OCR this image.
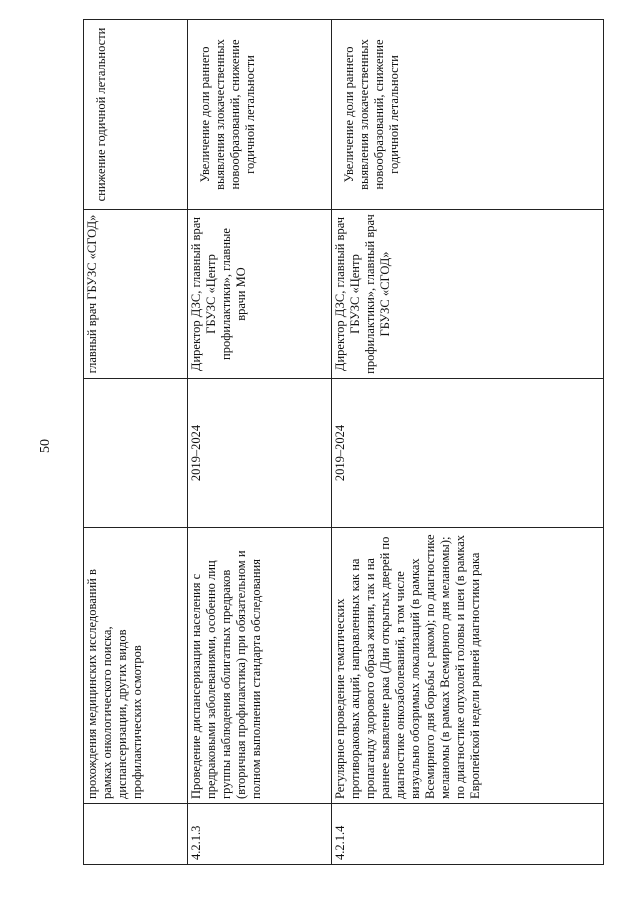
50
	прохождения медицинских исследований в рамках онкологического поиска, диспансеризации, других видов профилактических осмотров		главный врач ГБУЗС «СГОД»	снижение годичной летальности
4.2.1.3	Проведение диспансеризации населения с предраковыми заболеваниями, особенно лиц группы наблюдения облигатных предраков (вторичная профилактика) при обязательном и полном выполнении стандарта обследования	2019–2024	Директор ДЗС, главный врач ГБУЗС «Центр профилактики», главные врачи МО	Увеличение доли раннего выявления злокачественных новообразований, снижение годичной летальности
4.2.1.4	Регулярное проведение тематических противораковых акций, направленных как на пропаганду здорового образа жизни, так и на раннее выявление рака (Дни открытых дверей по диагностике онкозаболеваний, в том числе визуально обозримых локализаций (в рамках Всемирного дня борьбы с раком); по диагностике меланомы (в рамках Всемирного дня меланомы); по диагностике опухолей головы и шеи (в рамках Европейской недели ранней диагностики рака	2019–2024	Директор ДЗС, главный врач ГБУЗС «Центр профилактики», главный врач ГБУЗС «СГОД»	Увеличение доли раннего выявления злокачественных новообразований, снижение годичной летальности
